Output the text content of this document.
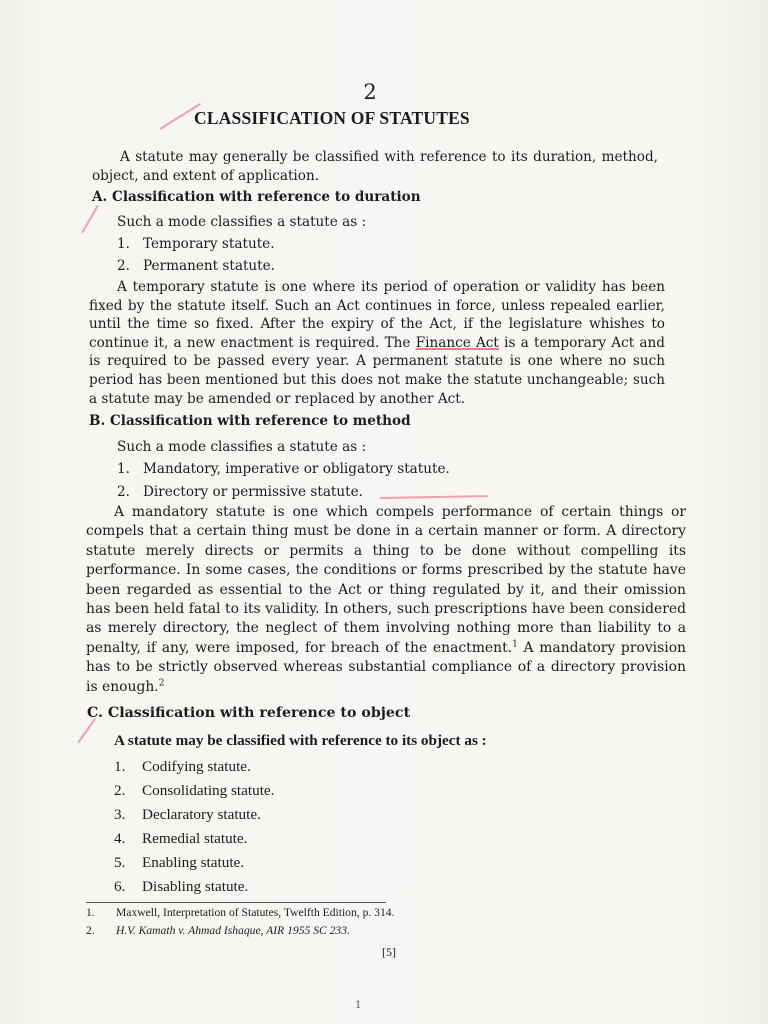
2
CLASSIFICATION OF STATUTES
A statute may generally be classified with reference to its duration, method, object, and extent of application.
A. Classification with reference to duration
Such a mode classifies a statute as :
1. Temporary statute.
2. Permanent statute.
A temporary statute is one where its period of operation or validity has been fixed by the statute itself. Such an Act continues in force, unless repealed earlier, until the time so fixed. After the expiry of the Act, if the legislature whishes to continue it, a new enactment is required. The Finance Act is a temporary Act and is required to be passed every year. A permanent statute is one where no such period has been mentioned but this does not make the statute unchangeable; such a statute may be amended or replaced by another Act.
B. Classification with reference to method
Such a mode classifies a statute as :
1. Mandatory, imperative or obligatory statute.
2. Directory or permissive statute.
A mandatory statute is one which compels performance of certain things or compels that a certain thing must be done in a certain manner or form. A directory statute merely directs or permits a thing to be done without compelling its performance. In some cases, the conditions or forms prescribed by the statute have been regarded as essential to the Act or thing regulated by it, and their omission has been held fatal to its validity. In others, such prescriptions have been considered as merely directory, the neglect of them involving nothing more than liability to a penalty, if any, were imposed, for breach of the enactment.$^1$ A mandatory provision has to be strictly observed whereas substantial compliance of a directory provision is enough.$^2$
C. Classification with reference to object
A statute may be classified with reference to its object as :
1. Codifying statute.
2. Consolidating statute.
3. Declaratory statute.
4. Remedial statute.
5. Enabling statute.
6. Disabling statute.
1. Maxwell, Interpretation of Statutes, Twelfth Edition, p. 314.
2. H.V. Kamath v. Ahmad Ishaque, AIR 1955 SC 233.
[5]
1
